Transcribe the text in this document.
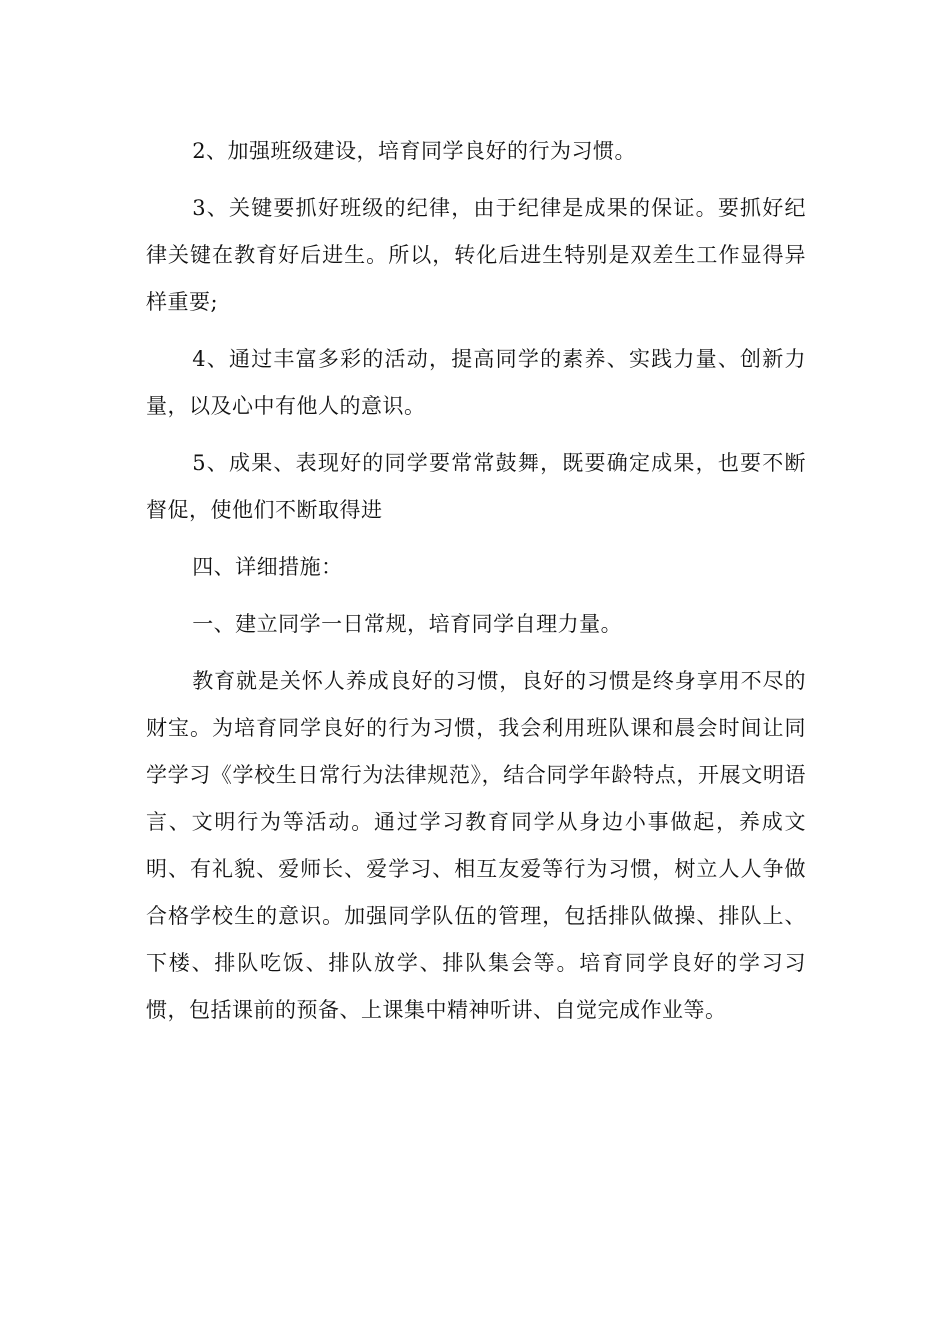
2、加强班级建设，培育同学良好的行为习惯。

3、关键要抓好班级的纪律，由于纪律是成果的保证。要抓好纪律关键在教育好后进生。所以，转化后进生特别是双差生工作显得异样重要;

4、通过丰富多彩的活动，提高同学的素养、实践力量、创新力量，以及心中有他人的意识。

5、成果、表现好的同学要常常鼓舞，既要确定成果，也要不断督促，使他们不断取得进

四、详细措施：

一、建立同学一日常规，培育同学自理力量。

教育就是关怀人养成良好的习惯，良好的习惯是终身享用不尽的财宝。为培育同学良好的行为习惯，我会利用班队课和晨会时间让同学学习《学校生日常行为法律规范》，结合同学年龄特点，开展文明语言、文明行为等活动。通过学习教育同学从身边小事做起，养成文明、有礼貌、爱师长、爱学习、相互友爱等行为习惯，树立人人争做合格学校生的意识。加强同学队伍的管理，包括排队做操、排队上、下楼、排队吃饭、排队放学、排队集会等。培育同学良好的学习习惯，包括课前的预备、上课集中精神听讲、自觉完成作业等。
